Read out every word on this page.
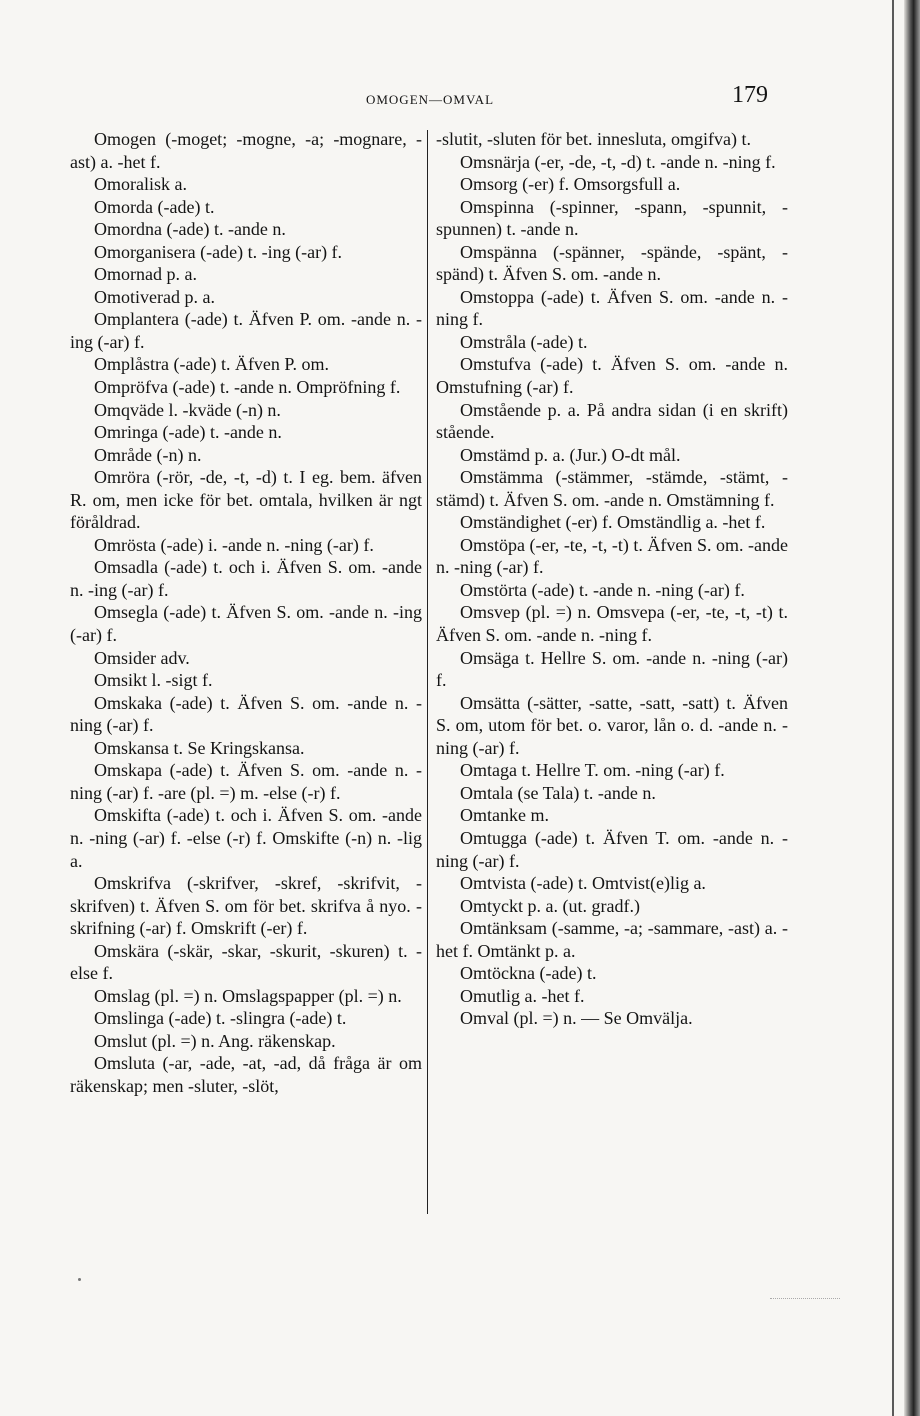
OMOGEN—OMVAL	179

Omogen (-moget; -mogne, -a; -mognare, -ast) a. -het f.

Omoralisk a.

Omorda (-ade) t.

Omordna (-ade) t. -ande n.

Omorganisera (-ade) t. -ing (-ar) f.

Omornad p. a.

Omotiverad p. a.

Omplantera (-ade) t. Äfven P. om. -ande n. -ing (-ar) f.

Omplåstra (-ade) t. Äfven P. om.

Ompröfva (-ade) t. -ande n. Ompröfning f.

Omqväde l. -kväde (-n) n.

Omringa (-ade) t. -ande n.

Område (-n) n.

Omröra (-rör, -de, -t, -d) t. I eg. bem. äfven R. om, men icke för bet. omtala, hvilken är ngt föråldrad.

Omrösta (-ade) i. -ande n. -ning (-ar) f.

Omsadla (-ade) t. och i. Äfven S. om. -ande n. -ing (-ar) f.

Omsegla (-ade) t. Äfven S. om. -ande n. -ing (-ar) f.

Omsider adv.

Omsikt l. -sigt f.

Omskaka (-ade) t. Äfven S. om. -ande n. -ning (-ar) f.

Omskansa t. Se Kringskansa.

Omskapa (-ade) t. Äfven S. om. -ande n. -ning (-ar) f. -are (pl. =) m. -else (-r) f.

Omskifta (-ade) t. och i. Äfven S. om. -ande n. -ning (-ar) f. -else (-r) f. Omskifte (-n) n. -lig a.

Omskrifva (-skrifver, -skref, -skrifvit, -skrifven) t. Äfven S. om för bet. skrifva å nyo. -skrifning (-ar) f. Omskrift (-er) f.

Omskära (-skär, -skar, -skurit, -skuren) t. -else f.

Omslag (pl. =) n. Omslagspapper (pl. =) n.

Omslinga (-ade) t. -slingra (-ade) t.

Omslut (pl. =) n. Ang. räkenskap.

Omsluta (-ar, -ade, -at, -ad, då fråga är om räkenskap; men -sluter, -slöt,

-slutit, -sluten för bet. innesluta, omgifva) t.

Omsnärja (-er, -de, -t, -d) t. -ande n. -ning f.

Omsorg (-er) f. Omsorgsfull a.

Omspinna (-spinner, -spann, -spunnit, -spunnen) t. -ande n.

Omspänna (-spänner, -spände, -spänt, -spänd) t. Äfven S. om. -ande n.

Omstoppa (-ade) t. Äfven S. om. -ande n. -ning f.

Omstråla (-ade) t.

Omstufva (-ade) t. Äfven S. om. -ande n. Omstufning (-ar) f.

Omstående p. a. På andra sidan (i en skrift) stående.

Omstämd p. a. (Jur.) O-dt mål.

Omstämma (-stämmer, -stämde, -stämt, -stämd) t. Äfven S. om. -ande n. Omstämning f.

Omständighet (-er) f. Omständlig a. -het f.

Omstöpa (-er, -te, -t, -t) t. Äfven S. om. -ande n. -ning (-ar) f.

Omstörta (-ade) t. -ande n. -ning (-ar) f.

Omsvep (pl. =) n. Omsvepa (-er, -te, -t, -t) t. Äfven S. om. -ande n. -ning f.

Omsäga t. Hellre S. om. -ande n. -ning (-ar) f.

Omsätta (-sätter, -satte, -satt, -satt) t. Äfven S. om, utom för bet. o. varor, lån o. d. -ande n. -ning (-ar) f.

Omtaga t. Hellre T. om. -ning (-ar) f.

Omtala (se Tala) t. -ande n.

Omtanke m.

Omtugga (-ade) t. Äfven T. om. -ande n. -ning (-ar) f.

Omtvista (-ade) t. Omtvist(e)lig a.

Omtyckt p. a. (ut. gradf.)

Omtänksam (-samme, -a; -sammare, -ast) a. -het f. Omtänkt p. a.

Omtöckna (-ade) t.

Omutlig a. -het f.

Omval (pl. =) n. — Se Omvälja.
